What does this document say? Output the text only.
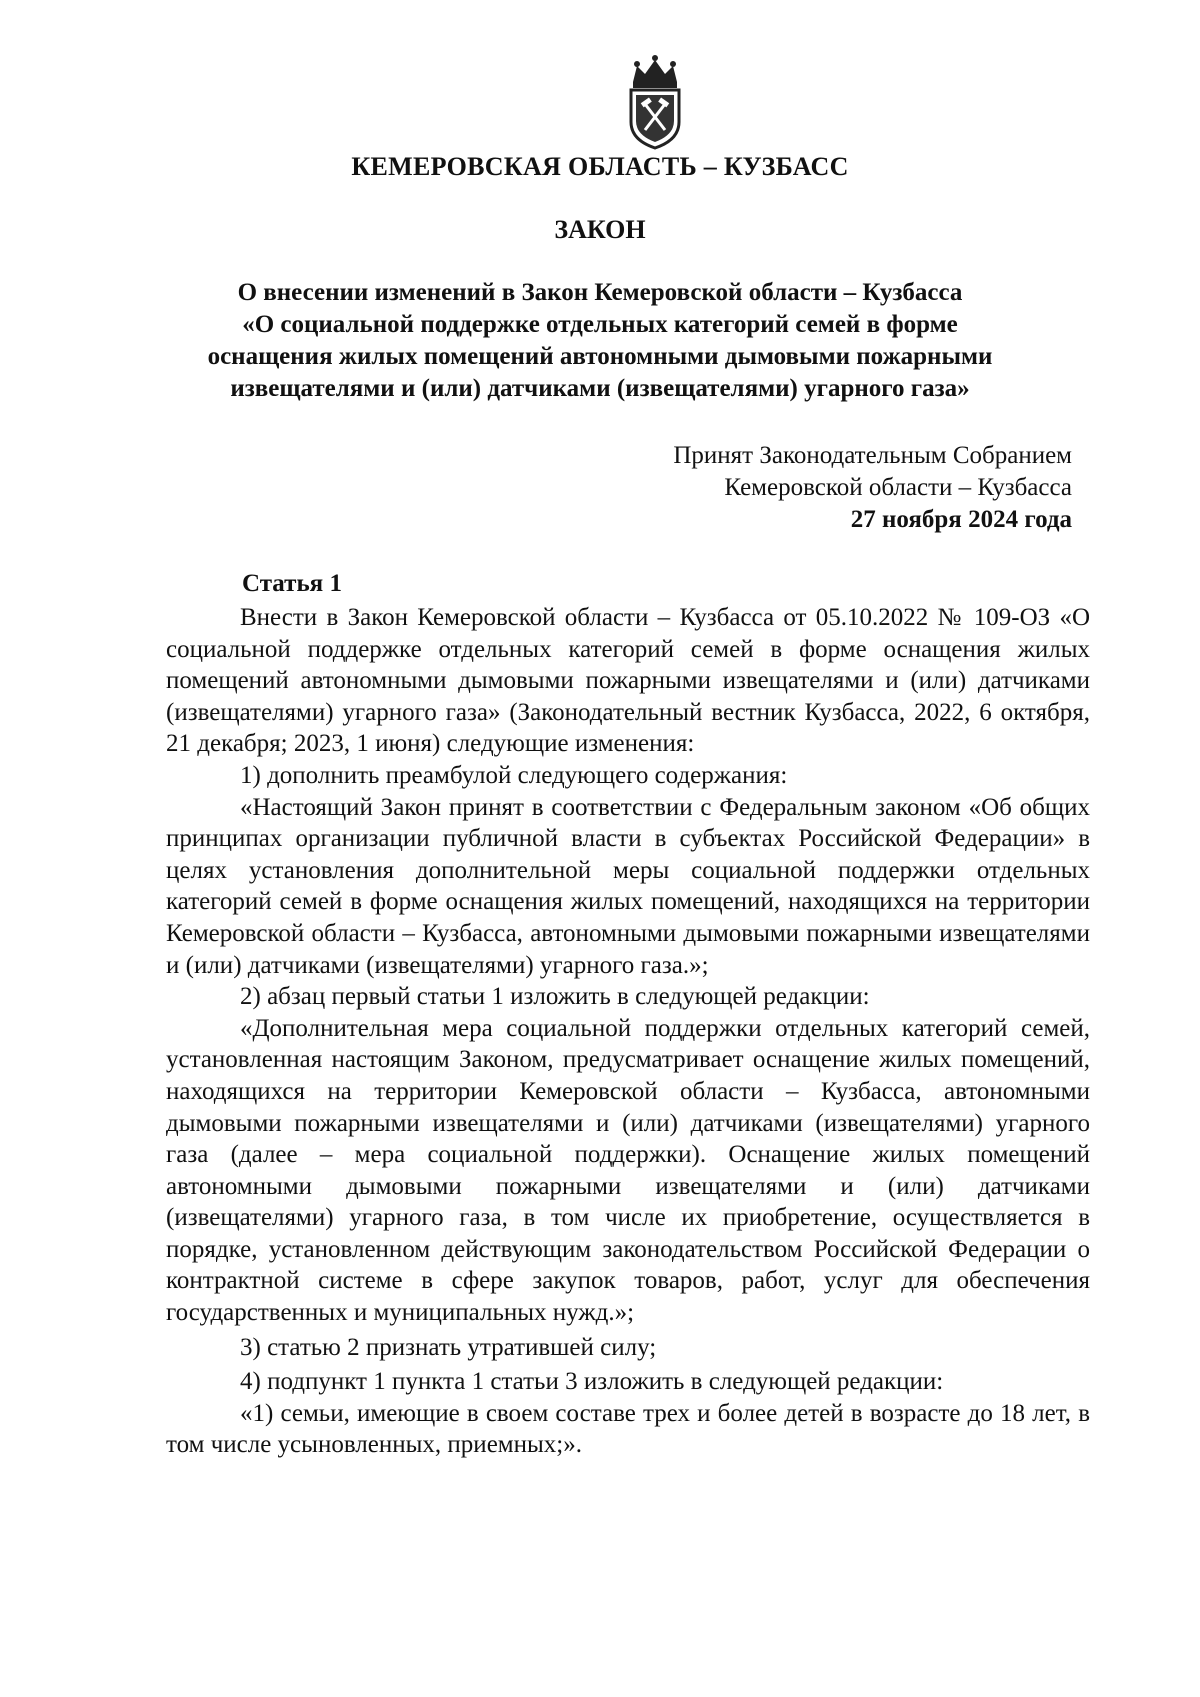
КЕМЕРОВСКАЯ ОБЛАСТЬ – КУЗБАСС
ЗАКОН
О внесении изменений в Закон Кемеровской области – Кузбасса
«О социальной поддержке отдельных категорий семей в форме
оснащения жилых помещений автономными дымовыми пожарными
извещателями и (или) датчиками (извещателями) угарного газа»
Принят Законодательным Собранием
Кемеровской области – Кузбасса
27 ноября 2024 года
Статья 1

Внести в Закон Кемеровской области – Кузбасса от 05.10.2022 № 109-ОЗ «О социальной поддержке отдельных категорий семей в форме оснащения жилых помещений автономными дымовыми пожарными извещателями и (или) датчиками (извещателями) угарного газа» (Законодательный вестник Кузбасса, 2022, 6 октября, 21 декабря; 2023, 1 июня) следующие изменения:

1) дополнить преамбулой следующего содержания:

«Настоящий Закон принят в соответствии с Федеральным законом «Об общих принципах организации публичной власти в субъектах Российской Федерации» в целях установления дополнительной меры социальной поддержки отдельных категорий семей в форме оснащения жилых помещений, находящихся на территории Кемеровской области – Кузбасса, автономными дымовыми пожарными извещателями и (или) датчиками (извещателями) угарного газа.»;

2) абзац первый статьи 1 изложить в следующей редакции:

«Дополнительная мера социальной поддержки отдельных категорий семей, установленная настоящим Законом, предусматривает оснащение жилых помещений, находящихся на территории Кемеровской области – Кузбасса, автономными дымовыми пожарными извещателями и (или) датчиками (извещателями) угарного газа (далее – мера социальной поддержки). Оснащение жилых помещений автономными дымовыми пожарными извещателями и (или) датчиками (извещателями) угарного газа, в том числе их приобретение, осуществляется в порядке, установленном действующим законодательством Российской Федерации о контрактной системе в сфере закупок товаров, работ, услуг для обеспечения государственных и муниципальных нужд.»;

3) статью 2 признать утратившей силу;

4) подпункт 1 пункта 1 статьи 3 изложить в следующей редакции:

«1) семьи, имеющие в своем составе трех и более детей в возрасте до 18 лет, в том числе усыновленных, приемных;».
